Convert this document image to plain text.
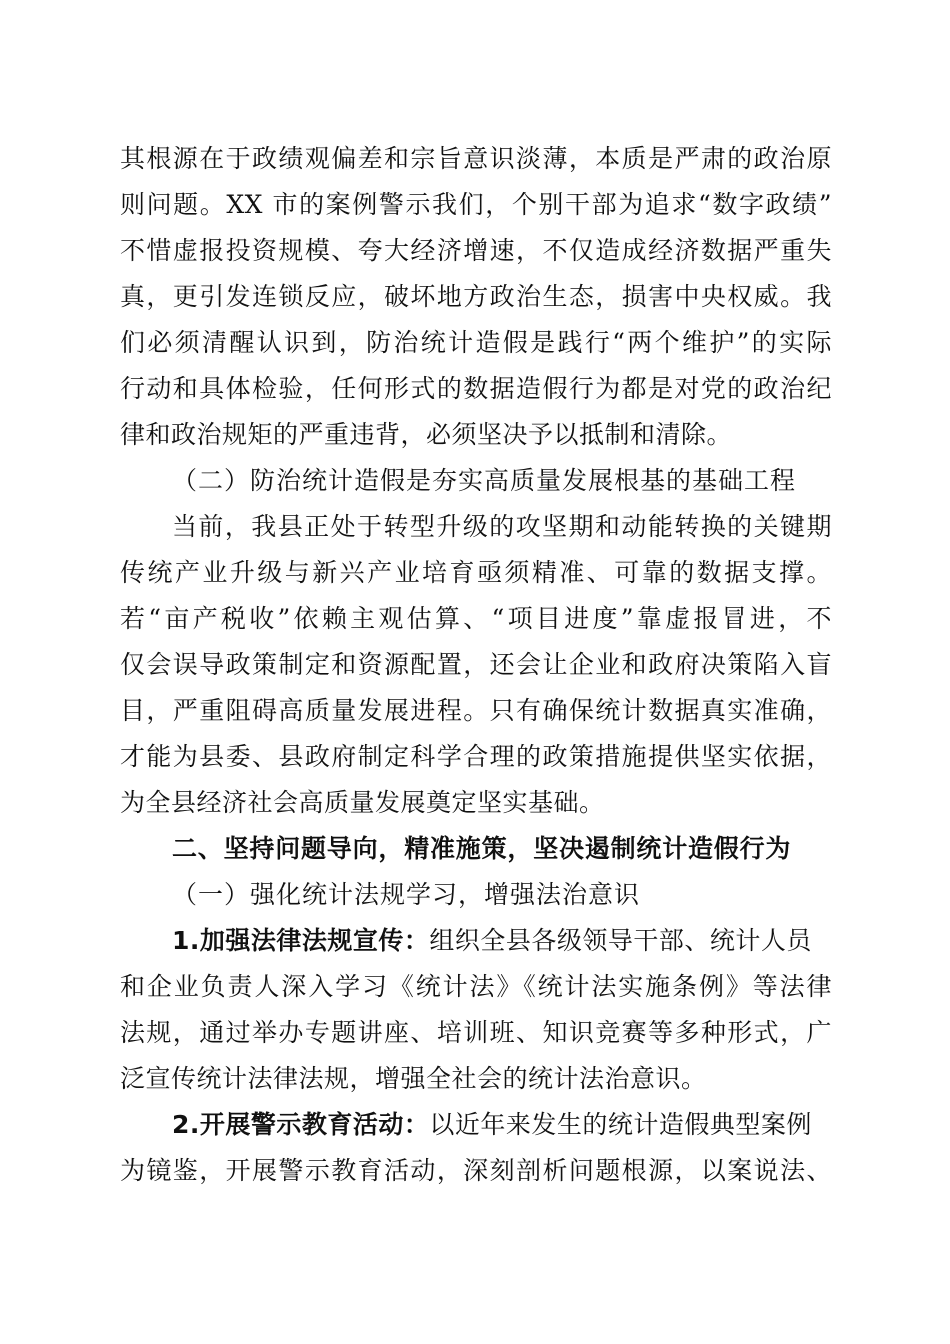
其根源在于政绩观偏差和宗旨意识淡薄，本质是严肃的政治原
则问题。XX 市的案例警示我们，个别干部为追求“数字政绩”
不惜虚报投资规模、夸大经济增速，不仅造成经济数据严重失
真，更引发连锁反应，破坏地方政治生态，损害中央权威。我
们必须清醒认识到，防治统计造假是践行“两个维护”的实际
行动和具体检验，任何形式的数据造假行为都是对党的政治纪
律和政治规矩的严重违背，必须坚决予以抵制和清除。
（二）防治统计造假是夯实高质量发展根基的基础工程
当前，我县正处于转型升级的攻坚期和动能转换的关键期
传统产业升级与新兴产业培育亟须精准、可靠的数据支撑。
若“亩产税收”依赖主观估算、“项目进度”靠虚报冒进，不
仅会误导政策制定和资源配置，还会让企业和政府决策陷入盲
目，严重阻碍高质量发展进程。只有确保统计数据真实准确，
才能为县委、县政府制定科学合理的政策措施提供坚实依据，
为全县经济社会高质量发展奠定坚实基础。
二、坚持问题导向，精准施策，坚决遏制统计造假行为
（一）强化统计法规学习，增强法治意识
1.加强法律法规宣传：组织全县各级领导干部、统计人员
和企业负责人深入学习《统计法》《统计法实施条例》等法律
法规，通过举办专题讲座、培训班、知识竞赛等多种形式，广
泛宣传统计法律法规，增强全社会的统计法治意识。
2.开展警示教育活动：以近年来发生的统计造假典型案例
为镜鉴，开展警示教育活动，深刻剖析问题根源，以案说法、
